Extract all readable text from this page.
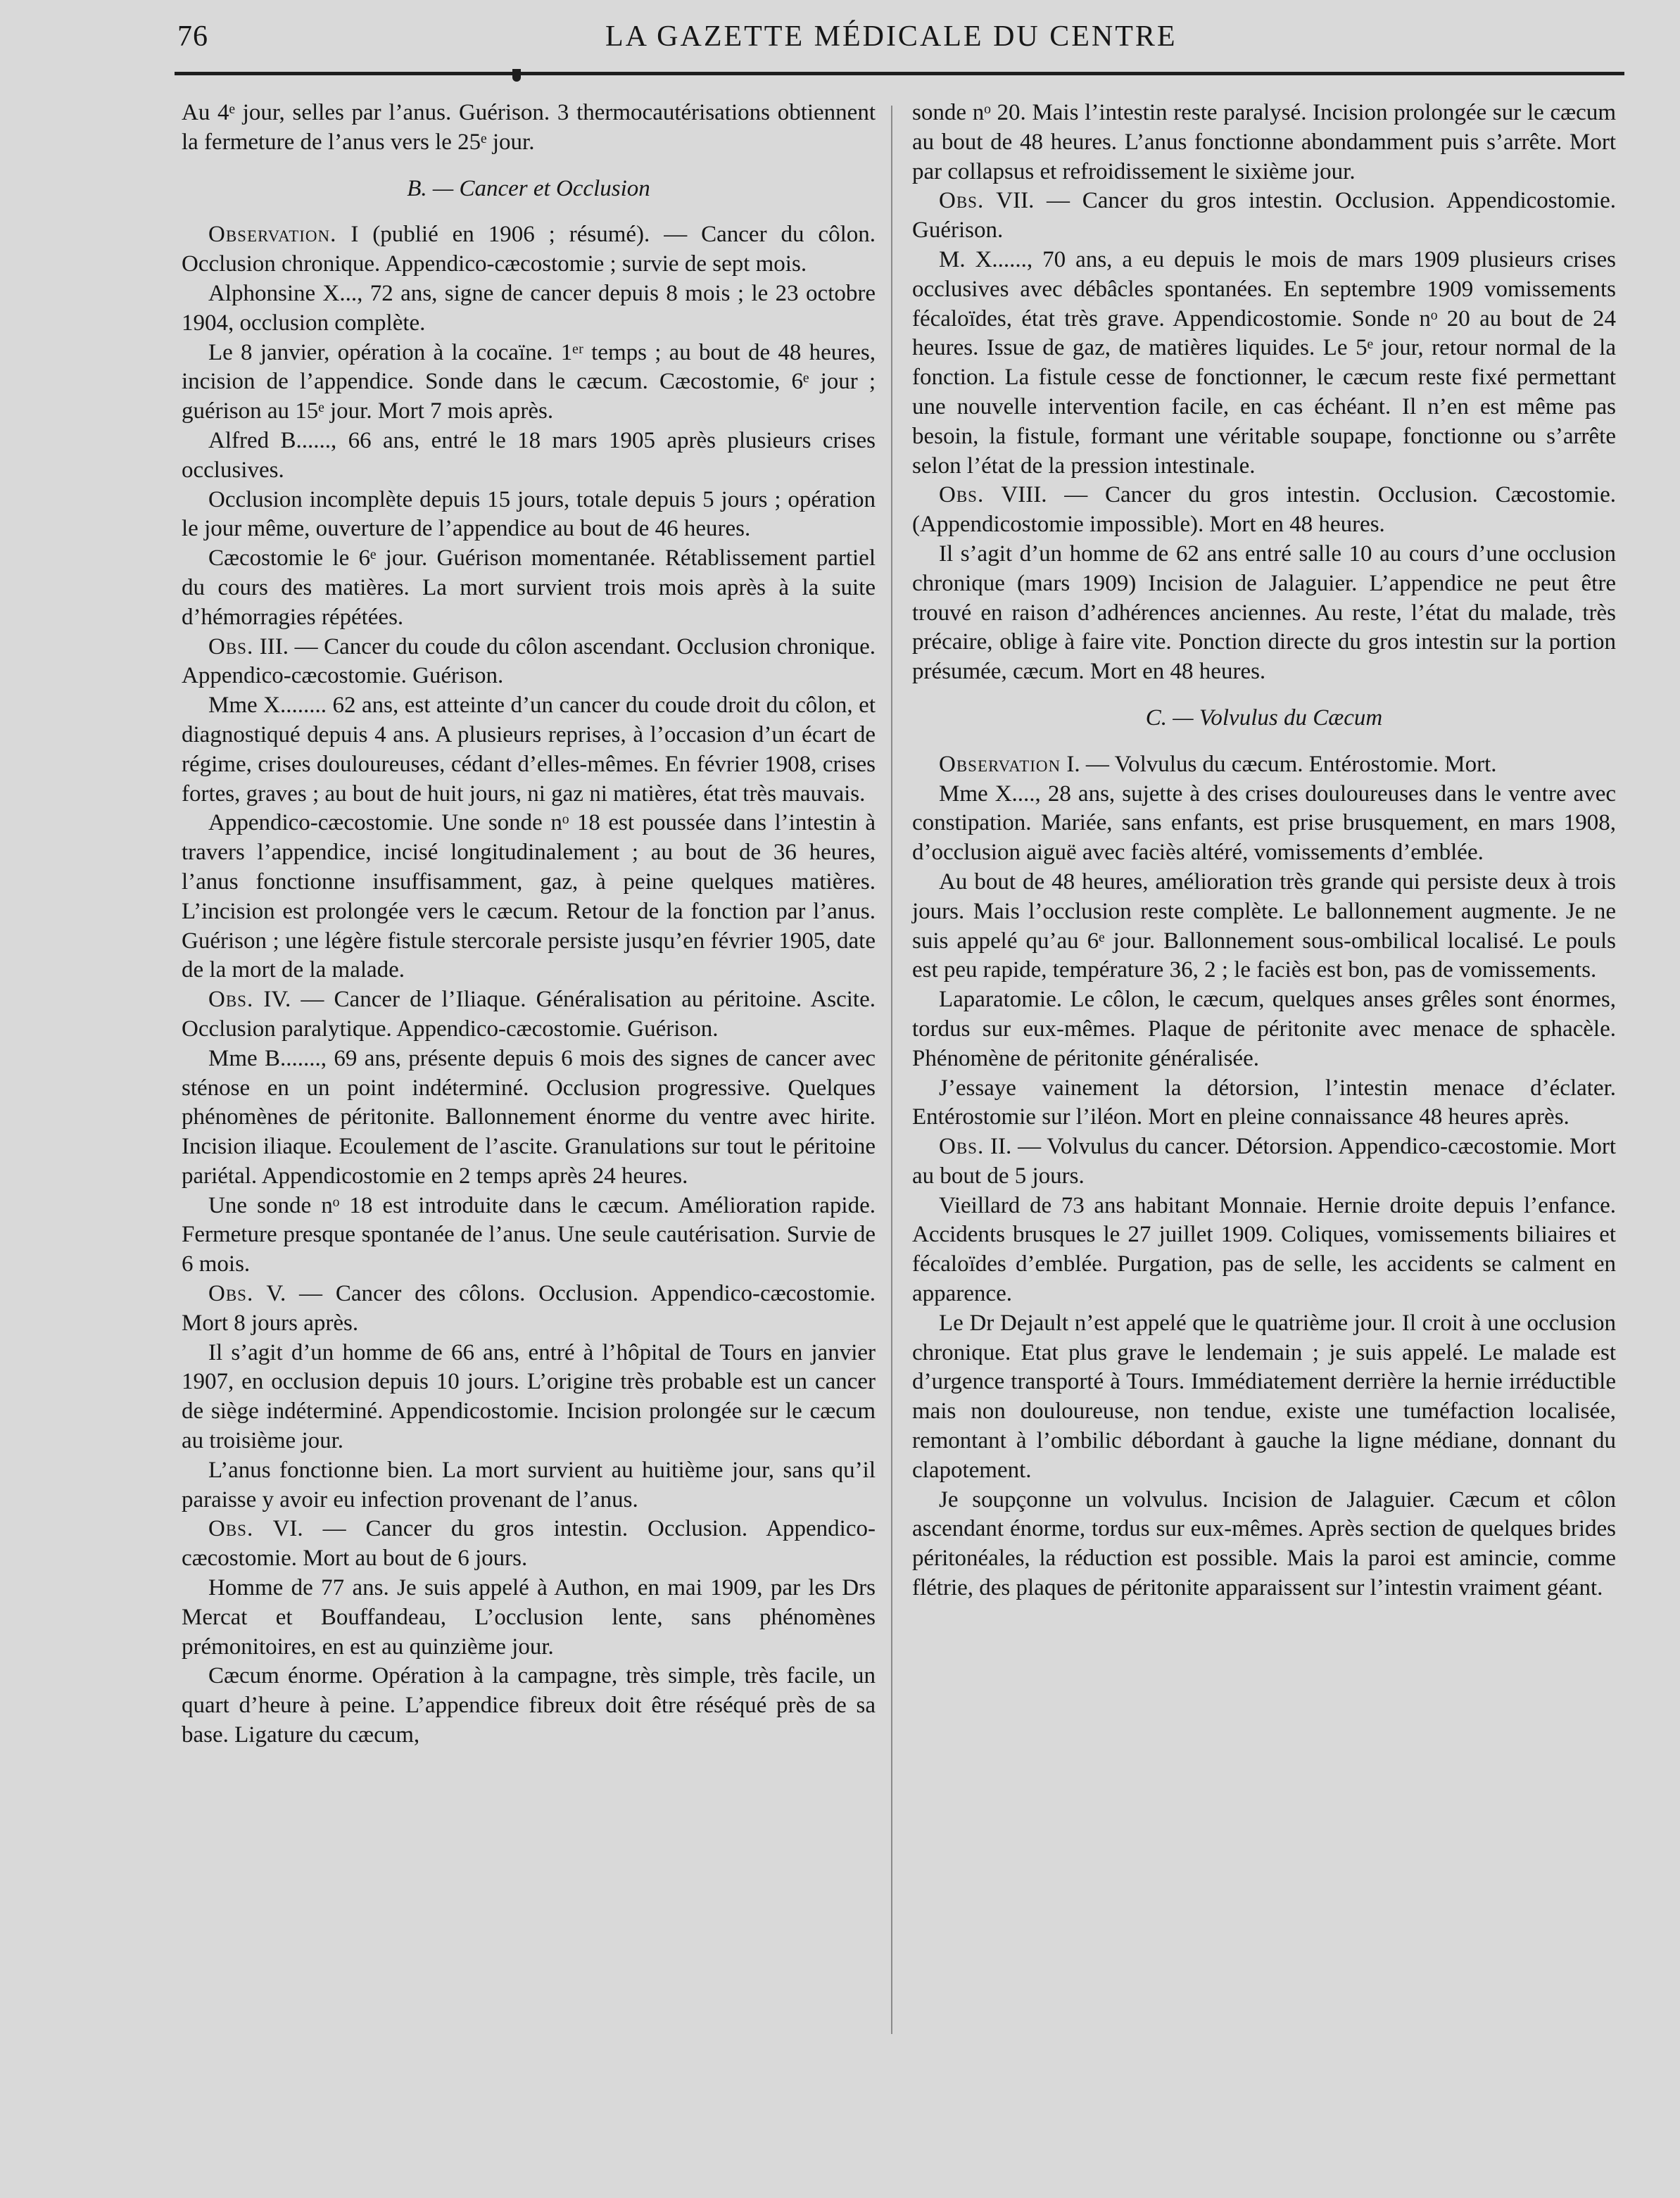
76	LA GAZETTE MÉDICALE DU CENTRE

Au 4ᵉ jour, selles par l’anus. Guérison. 3 thermocautérisations obtiennent la fermeture de l’anus vers le 25ᵉ jour.

B. — Cancer et Occlusion

Observation. I (publié en 1906 ; résumé). — Cancer du côlon. Occlusion chronique. Appendico-cæcostomie ; survie de sept mois.

Alphonsine X..., 72 ans, signe de cancer depuis 8 mois ; le 23 octobre 1904, occlusion complète.

Le 8 janvier, opération à la cocaïne. 1ᵉʳ temps ; au bout de 48 heures, incision de l’appendice. Sonde dans le cæcum. Cæcostomie, 6ᵉ jour ; guérison au 15ᵉ jour. Mort 7 mois après.

Alfred B......, 66 ans, entré le 18 mars 1905 après plusieurs crises occlusives.

Occlusion incomplète depuis 15 jours, totale depuis 5 jours ; opération le jour même, ouverture de l’appendice au bout de 46 heures.

Cæcostomie le 6ᵉ jour. Guérison momentanée. Rétablissement partiel du cours des matières. La mort survient trois mois après à la suite d’hémorragies répétées.

Obs. III. — Cancer du coude du côlon ascendant. Occlusion chronique. Appendico-cæcostomie. Guérison.

Mme X........ 62 ans, est atteinte d’un cancer du coude droit du côlon, et diagnostiqué depuis 4 ans. A plusieurs reprises, à l’occasion d’un écart de régime, crises douloureuses, cédant d’elles-mêmes. En février 1908, crises fortes, graves ; au bout de huit jours, ni gaz ni matières, état très mauvais.

Appendico-cæcostomie. Une sonde nᵒ 18 est poussée dans l’intestin à travers l’appendice, incisé longitudinalement ; au bout de 36 heures, l’anus fonctionne insuffisamment, gaz, à peine quelques matières. L’incision est prolongée vers le cæcum. Retour de la fonction par l’anus. Guérison ; une légère fistule stercorale persiste jusqu’en février 1905, date de la mort de la malade.

Obs. IV. — Cancer de l’Iliaque. Généralisation au péritoine. Ascite. Occlusion paralytique. Appendico-cæcostomie. Guérison.

Mme B......., 69 ans, présente depuis 6 mois des signes de cancer avec sténose en un point indéterminé. Occlusion progressive. Quelques phénomènes de péritonite. Ballonnement énorme du ventre avec hirite. Incision iliaque. Ecoulement de l’ascite. Granulations sur tout le péritoine pariétal. Appendicostomie en 2 temps après 24 heures.

Une sonde nᵒ 18 est introduite dans le cæcum. Amélioration rapide. Fermeture presque spontanée de l’anus. Une seule cautérisation. Survie de 6 mois.

Obs. V. — Cancer des côlons. Occlusion. Appendico-cæcostomie. Mort 8 jours après.

Il s’agit d’un homme de 66 ans, entré à l’hôpital de Tours en janvier 1907, en occlusion depuis 10 jours. L’origine très probable est un cancer de siège indéterminé. Appendicostomie. Incision prolongée sur le cæcum au troisième jour.

L’anus fonctionne bien. La mort survient au huitième jour, sans qu’il paraisse y avoir eu infection provenant de l’anus.

Obs. VI. — Cancer du gros intestin. Occlusion. Appendico-cæcostomie. Mort au bout de 6 jours.

Homme de 77 ans. Je suis appelé à Authon, en mai 1909, par les Drs Mercat et Bouffandeau, L’occlusion lente, sans phénomènes prémonitoires, en est au quinzième jour.

Cæcum énorme. Opération à la campagne, très simple, très facile, un quart d’heure à peine. L’appendice fibreux doit être réséqué près de sa base. Ligature du cæcum,

sonde nᵒ 20. Mais l’intestin reste paralysé. Incision prolongée sur le cæcum au bout de 48 heures. L’anus fonctionne abondamment puis s’arrête. Mort par collapsus et refroidissement le sixième jour.

Obs. VII. — Cancer du gros intestin. Occlusion. Appendicostomie. Guérison.

M. X......, 70 ans, a eu depuis le mois de mars 1909 plusieurs crises occlusives avec débâcles spontanées. En septembre 1909 vomissements fécaloïdes, état très grave. Appendicostomie. Sonde nᵒ 20 au bout de 24 heures. Issue de gaz, de matières liquides. Le 5ᵉ jour, retour normal de la fonction. La fistule cesse de fonctionner, le cæcum reste fixé permettant une nouvelle intervention facile, en cas échéant. Il n’en est même pas besoin, la fistule, formant une véritable soupape, fonctionne ou s’arrête selon l’état de la pression intestinale.

Obs. VIII. — Cancer du gros intestin. Occlusion. Cæcostomie. (Appendicostomie impossible). Mort en 48 heures.

Il s’agit d’un homme de 62 ans entré salle 10 au cours d’une occlusion chronique (mars 1909) Incision de Jalaguier. L’appendice ne peut être trouvé en raison d’adhérences anciennes. Au reste, l’état du malade, très précaire, oblige à faire vite. Ponction directe du gros intestin sur la portion présumée, cæcum. Mort en 48 heures.

C. — Volvulus du Cæcum

Observation I. — Volvulus du cæcum. Entérostomie. Mort.

Mme X...., 28 ans, sujette à des crises douloureuses dans le ventre avec constipation. Mariée, sans enfants, est prise brusquement, en mars 1908, d’occlusion aiguë avec faciès altéré, vomissements d’emblée.

Au bout de 48 heures, amélioration très grande qui persiste deux à trois jours. Mais l’occlusion reste complète. Le ballonnement augmente. Je ne suis appelé qu’au 6ᵉ jour. Ballonnement sous-ombilical localisé. Le pouls est peu rapide, température 36, 2 ; le faciès est bon, pas de vomissements.

Laparatomie. Le côlon, le cæcum, quelques anses grêles sont énormes, tordus sur eux-mêmes. Plaque de péritonite avec menace de sphacèle. Phénomène de péritonite généralisée.

J’essaye vainement la détorsion, l’intestin menace d’éclater. Entérostomie sur l’iléon. Mort en pleine connaissance 48 heures après.

Obs. II. — Volvulus du cancer. Détorsion. Appendico-cæcostomie. Mort au bout de 5 jours.

Vieillard de 73 ans habitant Monnaie. Hernie droite depuis l’enfance. Accidents brusques le 27 juillet 1909. Coliques, vomissements biliaires et fécaloïdes d’emblée. Purgation, pas de selle, les accidents se calment en apparence.

Le Dr Dejault n’est appelé que le quatrième jour. Il croit à une occlusion chronique. Etat plus grave le lendemain ; je suis appelé. Le malade est d’urgence transporté à Tours. Immédiatement derrière la hernie irréductible mais non douloureuse, non tendue, existe une tuméfaction localisée, remontant à l’ombilic débordant à gauche la ligne médiane, donnant du clapotement.

Je soupçonne un volvulus. Incision de Jalaguier. Cæcum et côlon ascendant énorme, tordus sur eux-mêmes. Après section de quelques brides péritonéales, la réduction est possible. Mais la paroi est amincie, comme flétrie, des plaques de péritonite apparaissent sur l’intestin vraiment géant.
